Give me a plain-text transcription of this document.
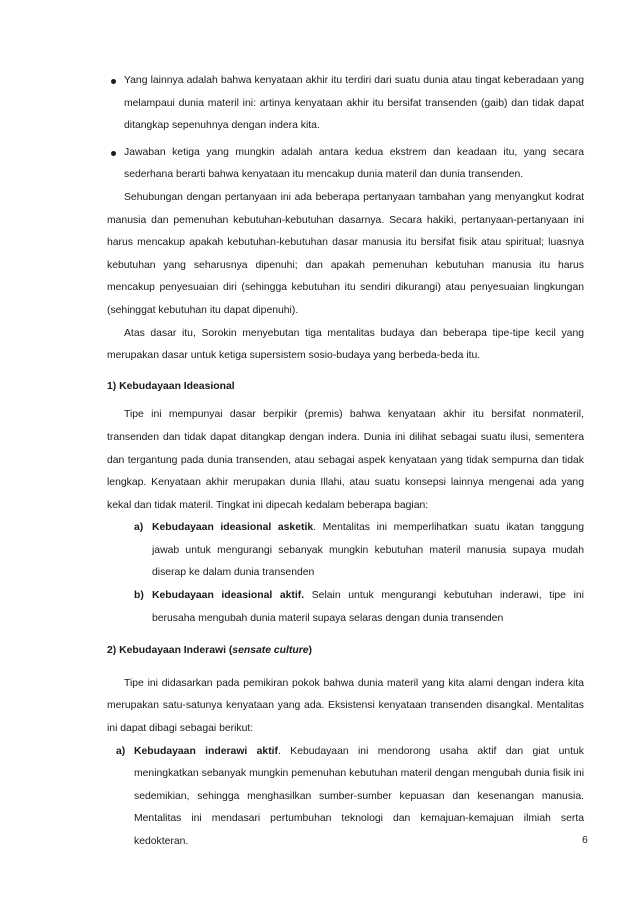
Yang lainnya adalah bahwa kenyataan akhir itu terdiri dari suatu dunia atau tingat keberadaan yang melampaui dunia materil ini: artinya kenyataan akhir itu bersifat transenden (gaib) dan tidak dapat ditangkap sepenuhnya dengan indera kita.

Jawaban ketiga yang mungkin adalah antara kedua ekstrem dan keadaan itu, yang secara sederhana berarti bahwa kenyataan itu mencakup dunia materil dan dunia transenden.

Sehubungan dengan pertanyaan ini ada beberapa pertanyaan tambahan yang menyangkut kodrat manusia dan pemenuhan kebutuhan-kebutuhan dasarnya. Secara hakiki, pertanyaan-pertanyaan ini harus mencakup apakah kebutuhan-kebutuhan dasar manusia itu bersifat fisik atau spiritual; luasnya kebutuhan yang seharusnya dipenuhi; dan apakah pemenuhan kebutuhan manusia itu harus mencakup penyesuaian diri (sehingga kebutuhan itu sendiri dikurangi) atau penyesuaian lingkungan (sehinggat kebutuhan itu dapat dipenuhi).

Atas dasar itu, Sorokin menyebutan tiga mentalitas budaya dan beberapa tipe-tipe kecil yang merupakan dasar untuk ketiga supersistem sosio-budaya yang berbeda-beda itu.

1) Kebudayaan Ideasional

Tipe ini mempunyai dasar berpikir (premis) bahwa kenyataan akhir itu bersifat nonmateril, transenden dan tidak dapat ditangkap dengan indera. Dunia ini dilihat sebagai suatu ilusi, sementera dan tergantung pada dunia transenden, atau sebagai aspek kenyataan yang tidak sempurna dan tidak lengkap. Kenyataan akhir merupakan dunia Illahi, atau suatu konsepsi lainnya mengenai ada yang kekal dan tidak materil. Tingkat ini dipecah kedalam beberapa bagian:

a) Kebudayaan ideasional asketik. Mentalitas ini memperlihatkan suatu ikatan tanggung jawab untuk mengurangi sebanyak mungkin kebutuhan materil manusia supaya mudah diserap ke dalam dunia transenden

b) Kebudayaan ideasional aktif. Selain untuk mengurangi kebutuhan inderawi, tipe ini berusaha mengubah dunia materil supaya selaras dengan dunia transenden

2) Kebudayaan Inderawi (sensate culture)

Tipe ini didasarkan pada pemikiran pokok bahwa dunia materil yang kita alami dengan indera kita merupakan satu-satunya kenyataan yang ada. Eksistensi kenyataan transenden disangkal. Mentalitas ini dapat dibagi sebagai berikut:

a) Kebudayaan inderawi aktif. Kebudayaan ini mendorong usaha aktif dan giat untuk meningkatkan sebanyak mungkin pemenuhan kebutuhan materil dengan mengubah dunia fisik ini sedemikian, sehingga menghasilkan sumber-sumber kepuasan dan kesenangan manusia. Mentalitas ini mendasari pertumbuhan teknologi dan kemajuan-kemajuan ilmiah serta kedokteran.	6
